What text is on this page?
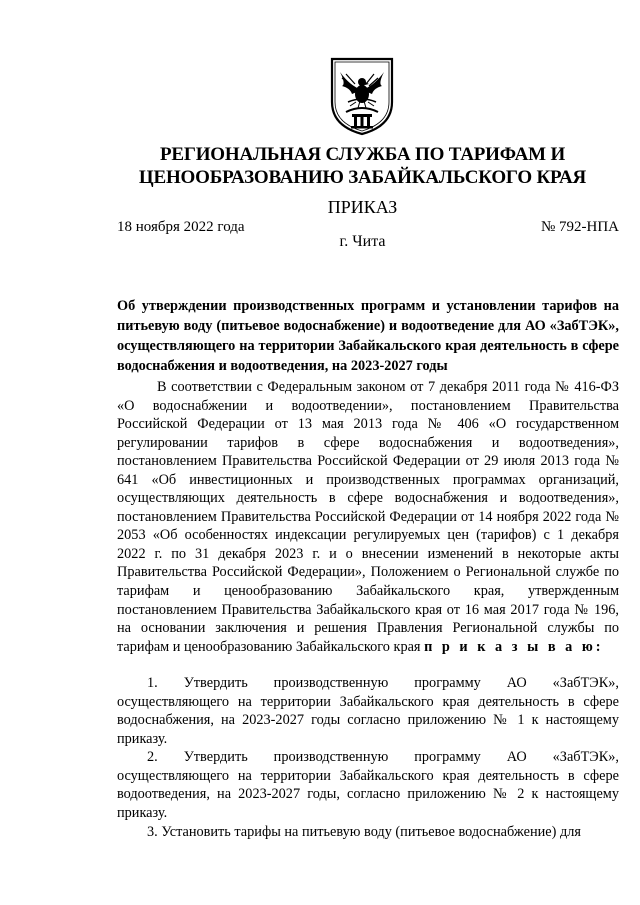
РЕГИОНАЛЬНАЯ СЛУЖБА ПО ТАРИФАМ И
ЦЕНООБРАЗОВАНИЮ ЗАБАЙКАЛЬСКОГО КРАЯ
ПРИКАЗ
18 ноября 2022 года	№ 792-НПА
г. Чита
Об утверждении производственных программ и установлении тарифов на питьевую воду (питьевое водоснабжение) и водоотведение для АО «ЗабТЭК», осуществляющего на территории Забайкальского края деятельность в сфере водоснабжения и водоотведения, на 2023-2027 годы

В соответствии с Федеральным законом от 7 декабря 2011 года № 416-ФЗ «О водоснабжении и водоотведении», постановлением Правительства Российской Федерации от 13 мая 2013 года № 406 «О государственном регулировании тарифов в сфере водоснабжения и водоотведения», постановлением Правительства Российской Федерации от 29 июля 2013 года № 641 «Об инвестиционных и производственных программах организаций, осуществляющих деятельность в сфере водоснабжения и водоотведения», постановлением Правительства Российской Федерации от 14 ноября 2022 года № 2053 «Об особенностях индексации регулируемых цен (тарифов) с 1 декабря 2022 г. по 31 декабря 2023 г. и о внесении изменений в некоторые акты Правительства Российской Федерации», Положением о Региональной службе по тарифам и ценообразованию Забайкальского края, утвержденным постановлением Правительства Забайкальского края от 16 мая 2017 года № 196, на основании заключения и решения Правления Региональной службы по тарифам и ценообразованию Забайкальского края п р и к а з ы в а ю:

1. Утвердить производственную программу АО «ЗабТЭК», осуществляющего на территории Забайкальского края деятельность в сфере водоснабжения, на 2023-2027 годы согласно приложению № 1 к настоящему приказу.

2. Утвердить производственную программу АО «ЗабТЭК», осуществляющего на территории Забайкальского края деятельность в сфере водоотведения, на 2023-2027 годы, согласно приложению № 2 к настоящему приказу.

3. Установить тарифы на питьевую воду (питьевое водоснабжение) для
